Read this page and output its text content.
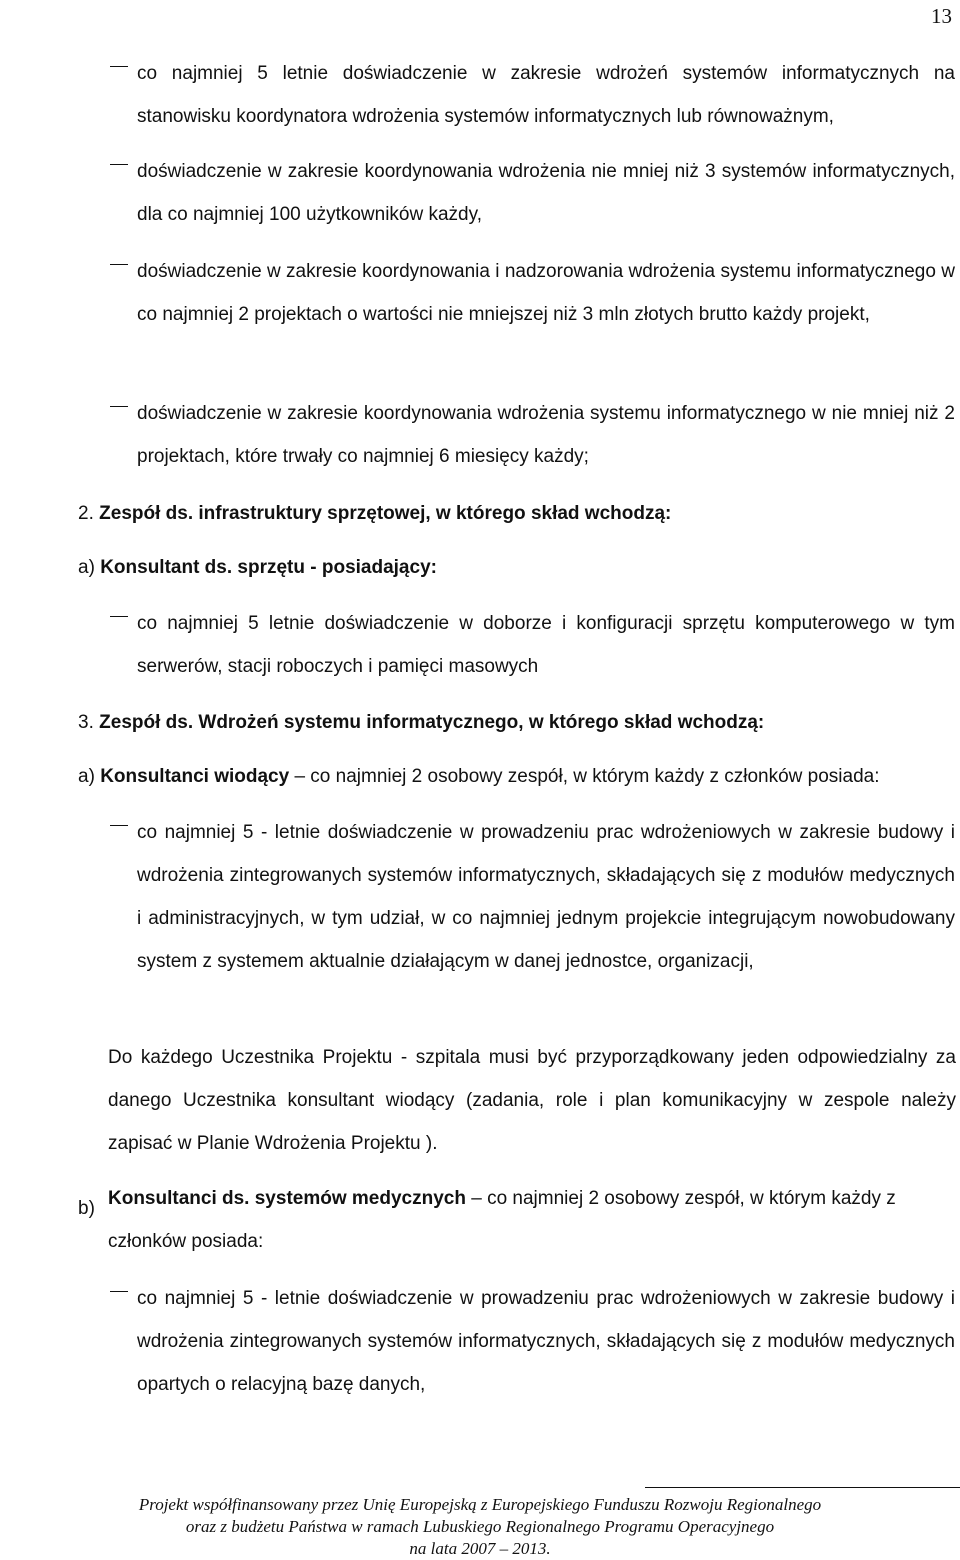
13
co najmniej 5 letnie doświadczenie w zakresie wdrożeń systemów informatycznych na stanowisku koordynatora wdrożenia systemów informatycznych lub równoważnym,
doświadczenie w zakresie koordynowania wdrożenia nie mniej niż 3 systemów informatycznych, dla co najmniej 100 użytkowników każdy,
doświadczenie w zakresie koordynowania i nadzorowania wdrożenia systemu informatycznego w co najmniej 2 projektach o wartości nie mniejszej niż 3 mln złotych brutto każdy projekt,
doświadczenie w zakresie koordynowania wdrożenia systemu informatycznego w nie mniej niż 2 projektach, które trwały co najmniej 6 miesięcy każdy;
2. Zespół ds. infrastruktury sprzętowej, w którego skład wchodzą:
a) Konsultant ds. sprzętu - posiadający:
co najmniej 5 letnie doświadczenie w doborze i konfiguracji sprzętu komputerowego w tym serwerów, stacji roboczych i pamięci masowych
3. Zespół ds. Wdrożeń systemu informatycznego, w którego skład wchodzą:
a) Konsultanci wiodący – co najmniej 2 osobowy zespół, w którym każdy z członków posiada:
co najmniej 5 - letnie doświadczenie w prowadzeniu prac wdrożeniowych w zakresie budowy i wdrożenia zintegrowanych systemów informatycznych, składających się z modułów medycznych i administracyjnych, w tym udział, w co najmniej jednym projekcie integrującym nowobudowany system z systemem aktualnie działającym w danej jednostce, organizacji,
Do każdego Uczestnika Projektu - szpitala musi być przyporządkowany jeden odpowiedzialny za danego Uczestnika konsultant wiodący (zadania, role i plan komunikacyjny w zespole należy zapisać w Planie Wdrożenia Projektu ).
b) Konsultanci ds. systemów medycznych – co najmniej 2 osobowy zespół, w którym każdy z członków posiada:
co najmniej 5 - letnie doświadczenie w prowadzeniu prac wdrożeniowych w zakresie budowy i wdrożenia zintegrowanych systemów informatycznych, składających się z modułów medycznych opartych o relacyjną bazę danych,
Projekt współfinansowany przez Unię Europejską z Europejskiego Funduszu Rozwoju Regionalnego
oraz z budżetu Państwa w ramach Lubuskiego Regionalnego Programu Operacyjnego
na lata 2007 – 2013.
